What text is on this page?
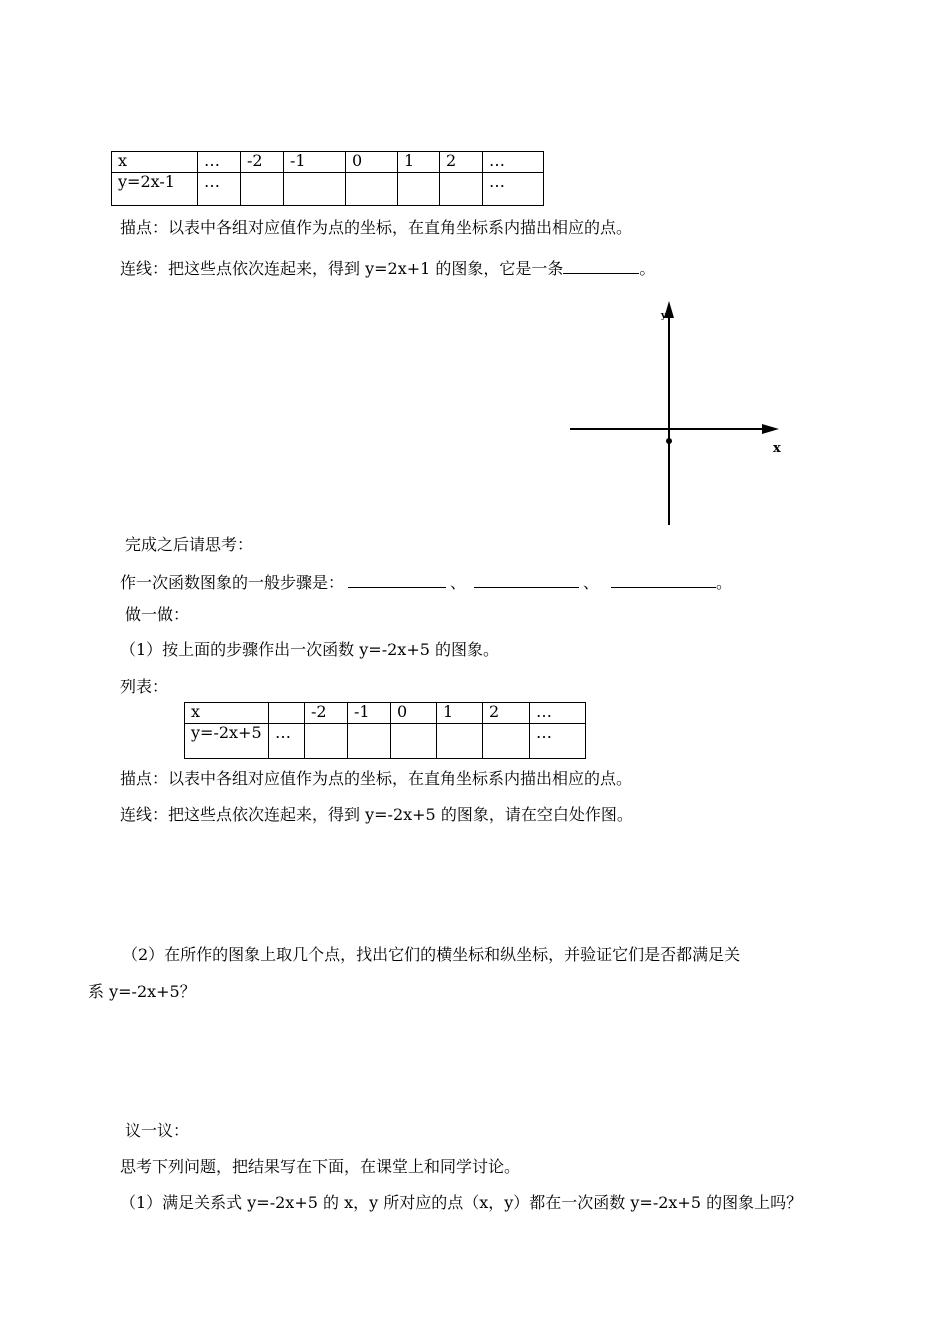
x	…	-2	-1	0	1	2	…
y=2x-1	…						…
描点：以表中各组对应值作为点的坐标，在直角坐标系内描出相应的点。
连线：把这些点依次连起来，得到 y=2x+1 的图象，它是一条	。
x
y
完成之后请思考：
作一次函数图象的一般步骤是：	、	、	。
做一做：
（1）按上面的步骤作出一次函数 y=-2x+5 的图象。
列表：
x		-2	-1	0	1	2	…
y=-2x+5	…						…
描点：以表中各组对应值作为点的坐标，在直角坐标系内描出相应的点。
连线：把这些点依次连起来，得到 y=-2x+5 的图象，请在空白处作图。
（2）在所作的图象上取几个点，找出它们的横坐标和纵坐标，并验证它们是否都满足关
系 y=-2x+5？
议一议：
思考下列问题，把结果写在下面，在课堂上和同学讨论。
（1）满足关系式 y=-2x+5 的 x，y 所对应的点（x，y）都在一次函数 y=-2x+5 的图象上吗？
